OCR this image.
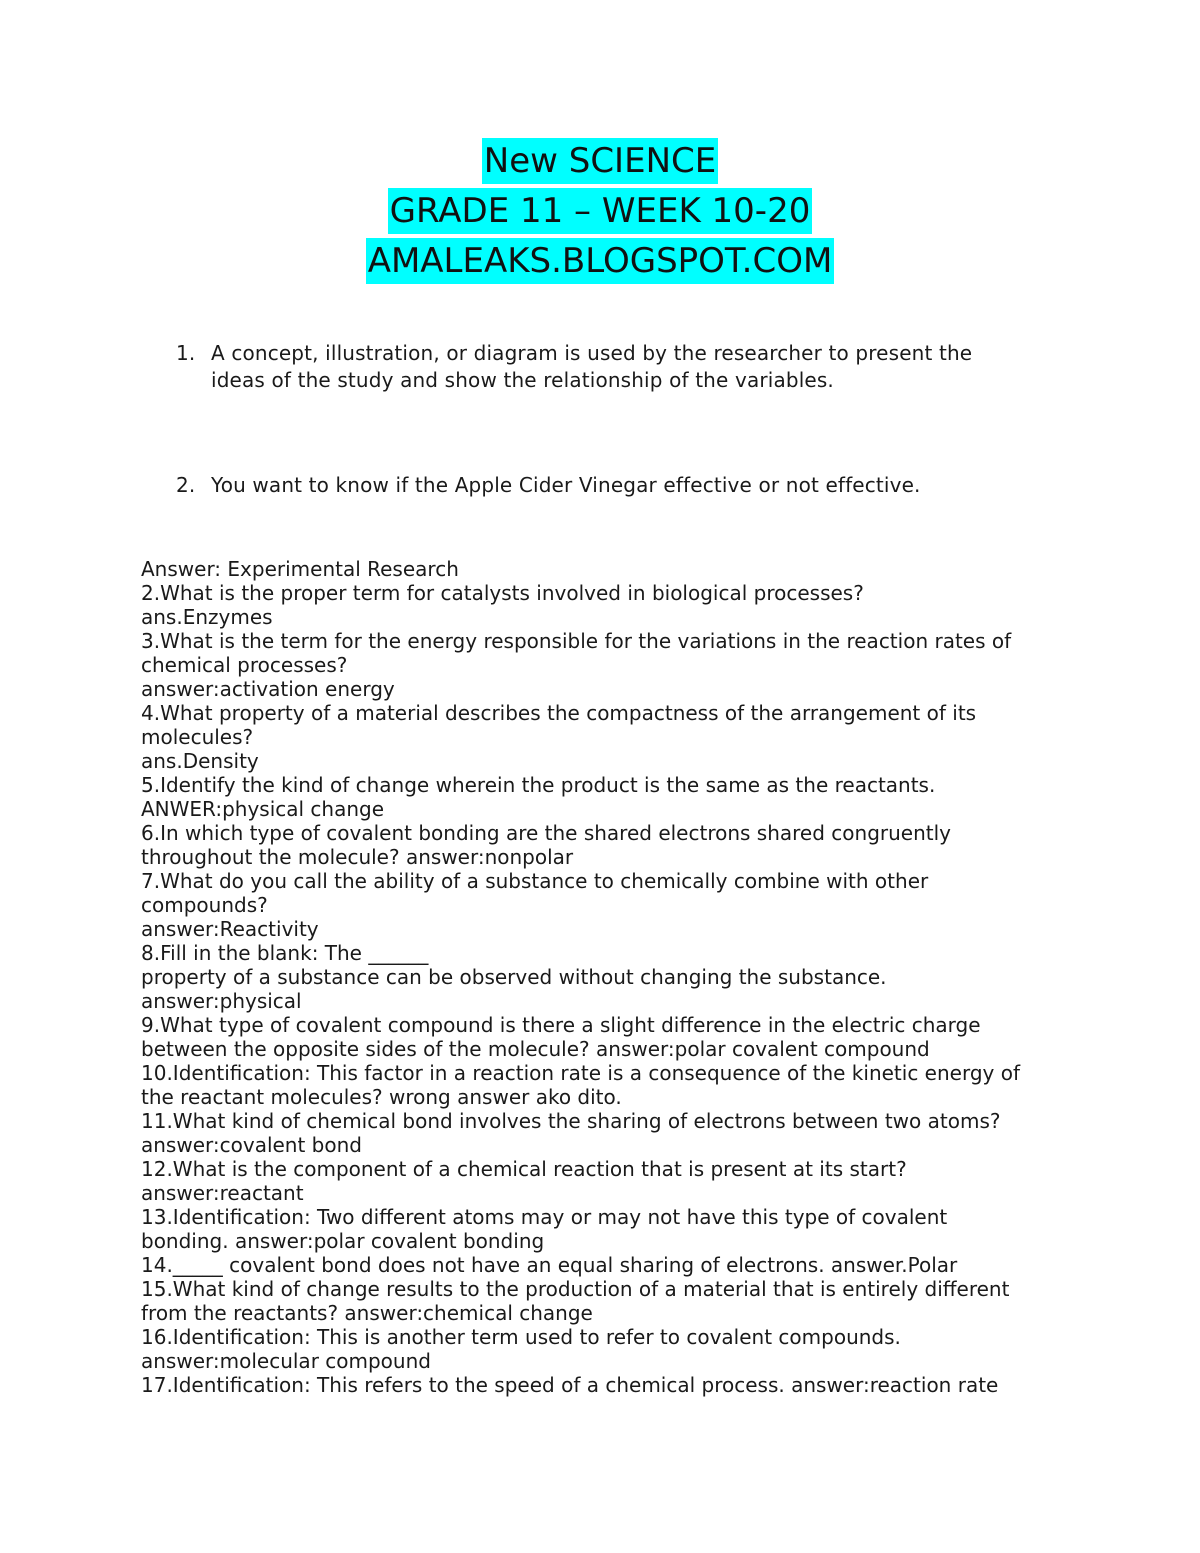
New SCIENCE
GRADE 11 – WEEK 10-20
AMALEAKS.BLOGSPOT.COM
1. A concept, illustration, or diagram is used by the researcher to present the
ideas of the study and show the relationship of the variables.
2. You want to know if the Apple Cider Vinegar effective or not effective.
Answer: Experimental Research
2.What is the proper term for catalysts involved in biological processes?
ans.Enzymes
3.What is the term for the energy responsible for the variations in the reaction rates of
chemical processes?
answer:activation energy
4.What property of a material describes the compactness of the arrangement of its
molecules?
ans.Density
5.Identify the kind of change wherein the product is the same as the reactants.
ANWER:physical change
6.In which type of covalent bonding are the shared electrons shared congruently
throughout the molecule? answer:nonpolar
7.What do you call the ability of a substance to chemically combine with other
compounds?
answer:Reactivity
8.Fill in the blank: The ______
property of a substance can be observed without changing the substance.
answer:physical
9.What type of covalent compound is there a slight difference in the electric charge
between the opposite sides of the molecule? answer:polar covalent compound
10.Identification: This factor in a reaction rate is a consequence of the kinetic energy of
the reactant molecules? wrong answer ako dito.
11.What kind of chemical bond involves the sharing of electrons between two atoms?
answer:covalent bond
12.What is the component of a chemical reaction that is present at its start?
answer:reactant
13.Identification: Two different atoms may or may not have this type of covalent
bonding. answer:polar covalent bonding
14._____ covalent bond does not have an equal sharing of electrons. answer.Polar
15.What kind of change results to the production of a material that is entirely different
from the reactants? answer:chemical change
16.Identification: This is another term used to refer to covalent compounds.
answer:molecular compound
17.Identification: This refers to the speed of a chemical process. answer:reaction rate
